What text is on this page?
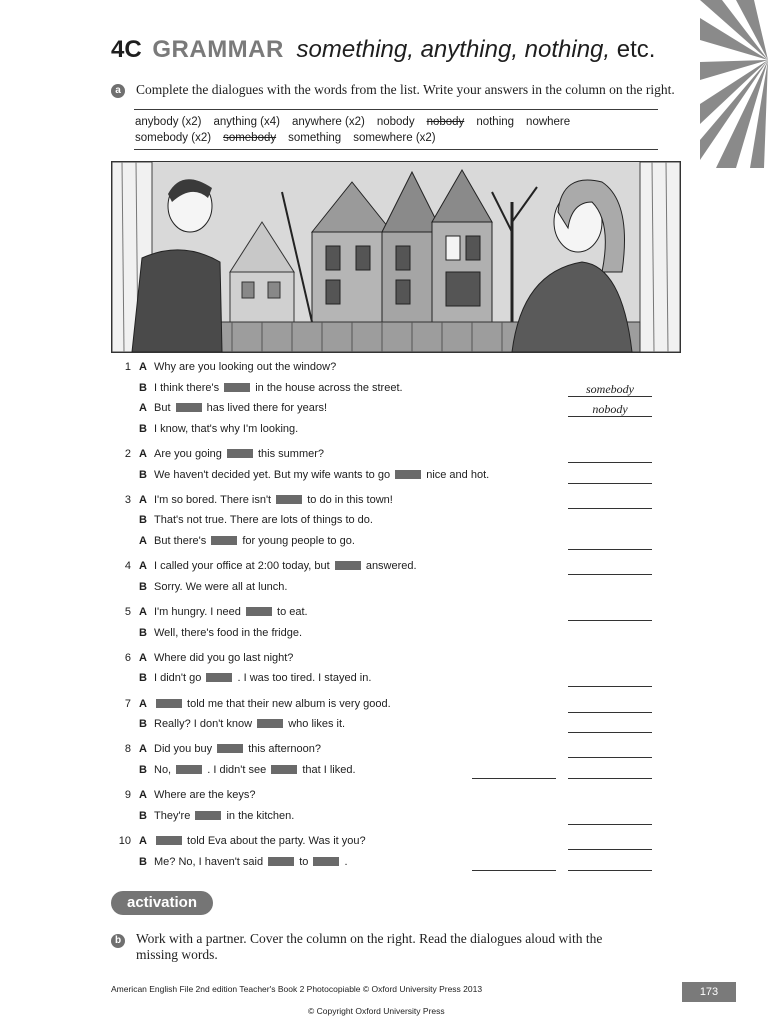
4C GRAMMAR something, anything, nothing, etc.
a	Complete the dialogues with the words from the list. Write your answers in the column on the right.
anybody (x2) anything (x4) anywhere (x2) nobody nobody nothing nowhere
somebody (x2) somebody something somewhere (x2)
1 A Why are you looking out the window?
B I think there's	in the house across the street.	somebody
A But	has lived there for years!	nobody
B I know, that's why I'm looking.
2 A Are you going	this summer?
B We haven't decided yet. But my wife wants to go	nice and hot.
3 A I'm so bored. There isn't	to do in this town!
B That's not true. There are lots of things to do.
A But there's	for young people to go.
4 A I called your office at 2:00 today, but	answered.
B Sorry. We were all at lunch.
5 A I'm hungry. I need	to eat.
B Well, there's food in the fridge.
6 A Where did you go last night?
B I didn't go	. I was too tired. I stayed in.
7 A	told me that their new album is very good.
B Really? I don't know	who likes it.
8 A Did you buy	this afternoon?
B No,	. I didn't see	that I liked.
9 A Where are the keys?
B They're	in the kitchen.
10 A	told Eva about the party. Was it you?
B Me? No, I haven't said	to	.
activation
b Work with a partner. Cover the column on the right. Read the dialogues aloud with the
missing words.
American English File 2nd edition Teacher's Book 2 Photocopiable © Oxford University Press 2013	173
© Copyright Oxford University Press
